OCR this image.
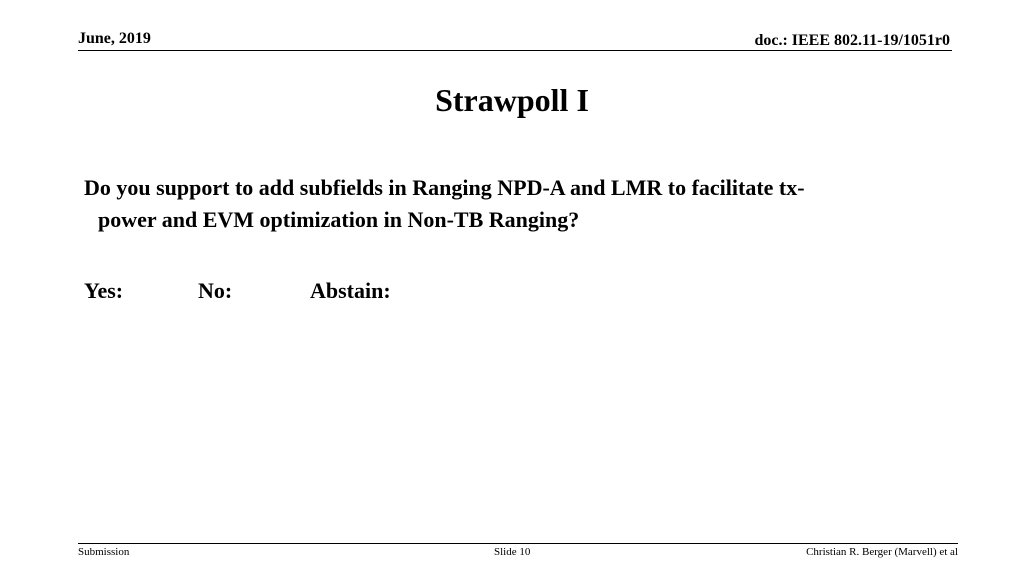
June, 2019	doc.: IEEE 802.11-19/1051r0
Strawpoll I
Do you support to add subfields in Ranging NPD-A and LMR to facilitate tx-
power and EVM optimization in Non-TB Ranging?
Yes:	No:	Abstain:
Submission	Slide 10	Christian R. Berger (Marvell) et al
